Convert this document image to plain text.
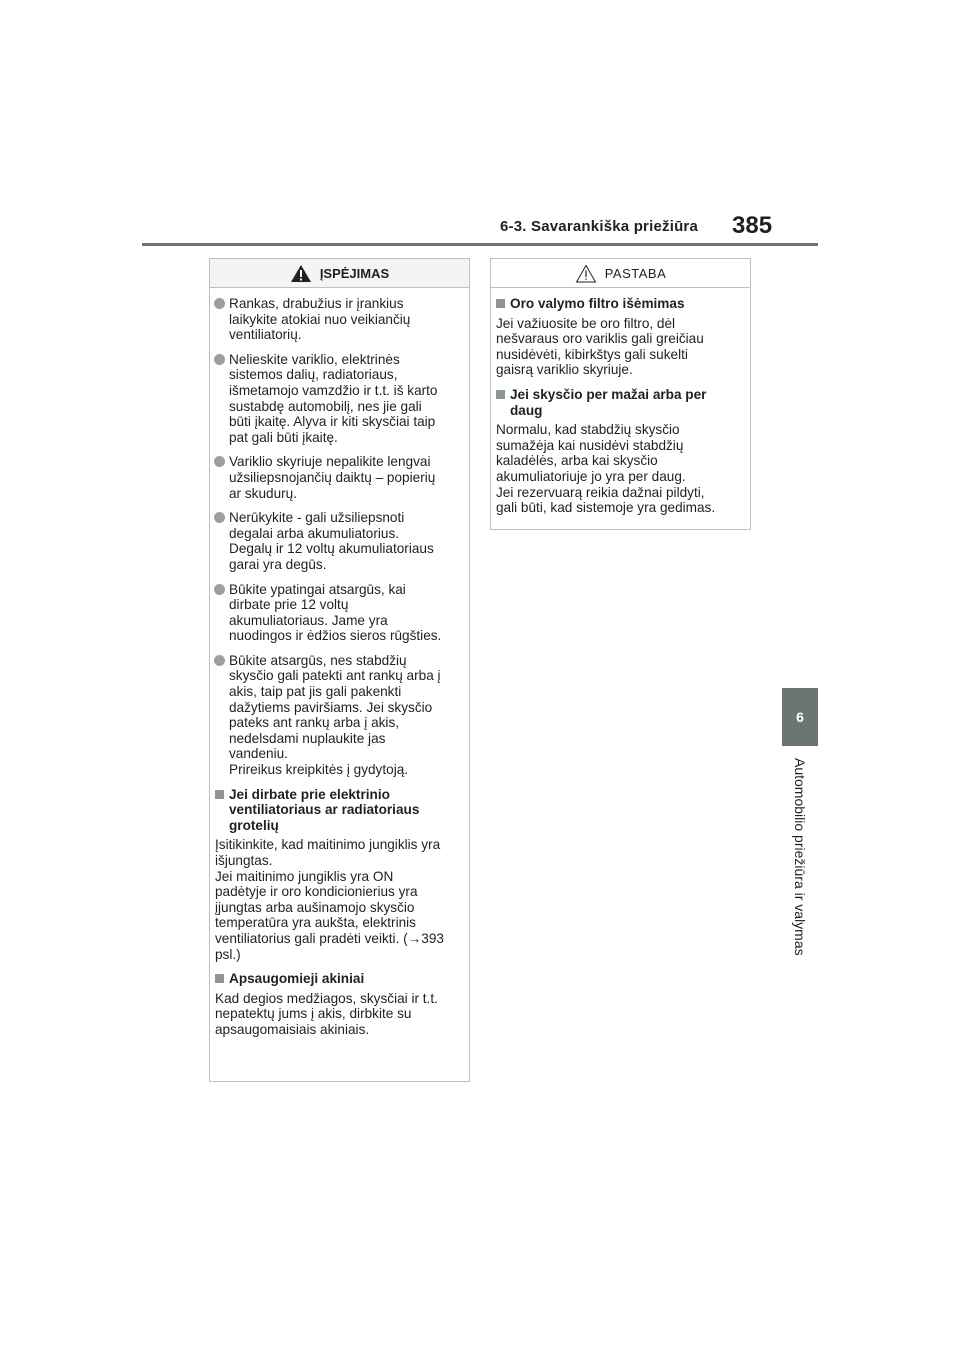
6-3. Savarankiška priežiūra 385
6
Automobilio priežiūra ir valymas
ĮSPĖJIMAS
Rankas, drabužius ir įrankius
laikykite atokiai nuo veikiančių
ventiliatorių.
Nelieskite variklio, elektrinės
sistemos dalių, radiatoriaus,
išmetamojo vamzdžio ir t.t. iš karto
sustabdę automobilį, nes jie gali
būti įkaitę. Alyva ir kiti skysčiai taip
pat gali būti įkaitę.
Variklio skyriuje nepalikite lengvai
užsiliepsnojančių daiktų – popierių
ar skudurų.
Nerūkykite - gali užsiliepsnoti
degalai arba akumuliatorius.
Degalų ir 12 voltų akumuliatoriaus
garai yra degūs.
Būkite ypatingai atsargūs, kai
dirbate prie 12 voltų
akumuliatoriaus. Jame yra
nuodingos ir ėdžios sieros rūgšties.
Būkite atsargūs, nes stabdžių
skysčio gali patekti ant rankų arba į
akis, taip pat jis gali pakenkti
dažytiems paviršiams. Jei skysčio
pateks ant rankų arba į akis,
nedelsdami nuplaukite jas
vandeniu.
Prireikus kreipkitės į gydytoją.
Jei dirbate prie elektrinio
ventiliatoriaus ar radiatoriaus
grotelių
Įsitikinkite, kad maitinimo jungiklis yra
išjungtas.
Jei maitinimo jungiklis yra ON
padėtyje ir oro kondicionierius yra
įjungtas arba aušinamojo skysčio
temperatūra yra aukšta, elektrinis
ventiliatorius gali pradėti veikti. (→393
psl.)
Apsaugomieji akiniai
Kad degios medžiagos, skysčiai ir t.t.
nepatektų jums į akis, dirbkite su
apsaugomaisiais akiniais.
PASTABA
Oro valymo filtro išėmimas
Jei važiuosite be oro filtro, dėl
nešvaraus oro variklis gali greičiau
nusidėvėti, kibirkštys gali sukelti
gaisrą variklio skyriuje.
Jei skysčio per mažai arba per
daug
Normalu, kad stabdžių skysčio
sumažėja kai nusidėvi stabdžių
kaladėlės, arba kai skysčio
akumuliatoriuje jo yra per daug.
Jei rezervuarą reikia dažnai pildyti,
gali būti, kad sistemoje yra gedimas.
